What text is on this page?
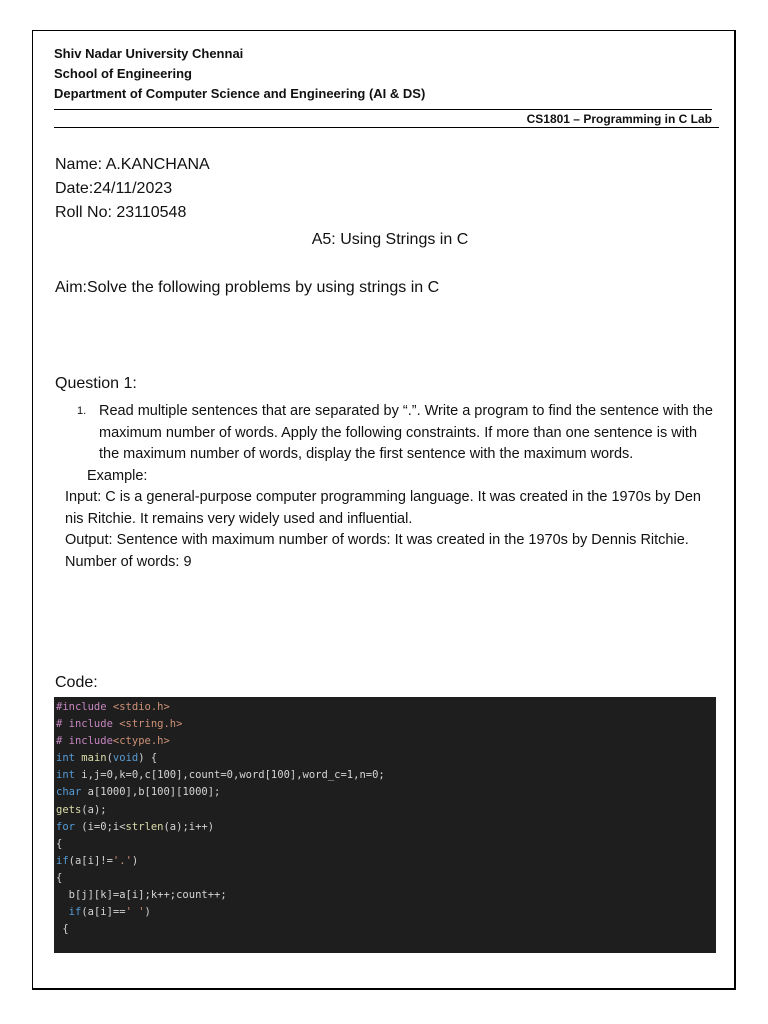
Shiv Nadar University Chennai
School of Engineering
Department of Computer Science and Engineering (AI & DS)
CS1801 – Programming in C Lab
Name: A.KANCHANA
Date:24/11/2023
Roll No: 23110548
A5: Using Strings in C
Aim:Solve the following problems by using strings in C
Question 1:
1. Read multiple sentences that are separated by “.”. Write a program to find the sentence with the maximum number of words. Apply the following constraints. If more than one sentence is with the maximum number of words, display the first sentence with the maximum words.
Example:
Input: C is a general-purpose computer programming language. It was created in the 1970s by Den nis Ritchie. It remains very widely used and influential.
Output: Sentence with maximum number of words: It was created in the 1970s by Dennis Ritchie. Number of words: 9
Code:
#include <stdio.h>
# include <string.h>
# include<ctype.h>
int main(void) {
int i,j=0,k=0,c[100],count=0,word[100],word_c=1,n=0;
char a[1000],b[100][1000];
gets(a);
for (i=0;i<strlen(a);i++)
{
if(a[i]!='.')
{
b[j][k]=a[i];k++;count++;
if(a[i]==' ')
{
